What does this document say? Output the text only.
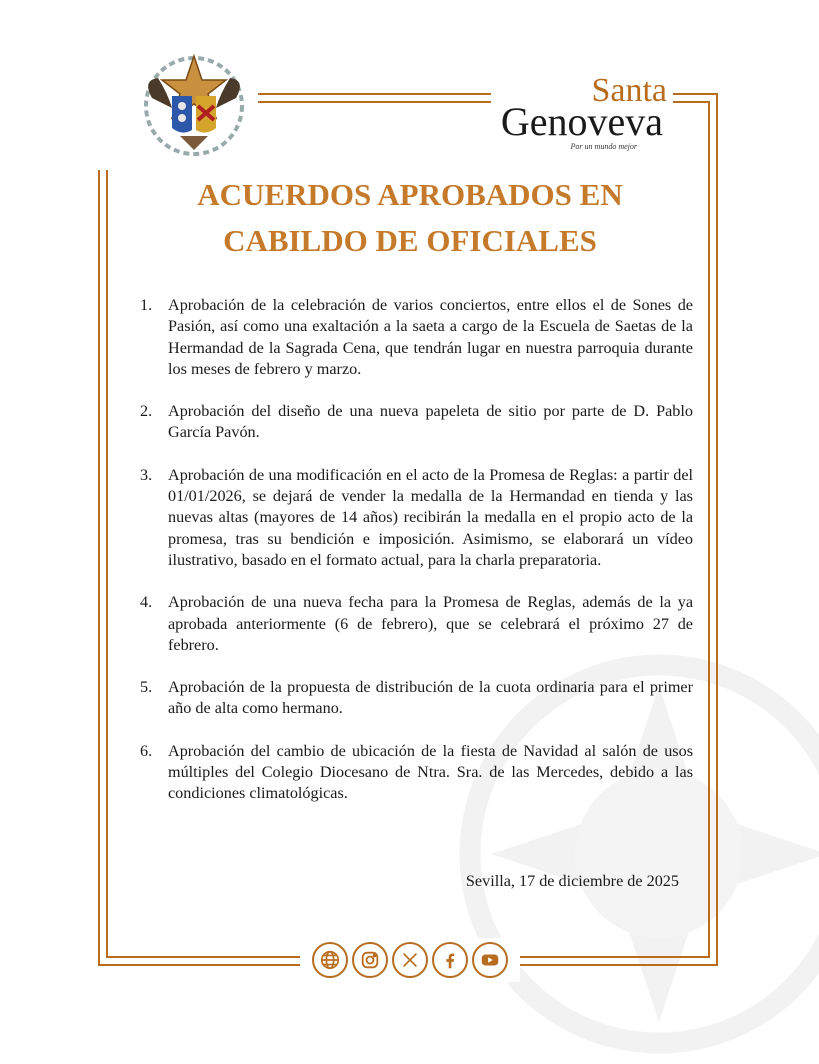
Santa
Genoveva
Por un mundo mejor
ACUERDOS APROBADOS EN
CABILDO DE OFICIALES
1. Aprobación de la celebración de varios conciertos, entre ellos el de Sones de Pasión, así como una exaltación a la saeta a cargo de la Escuela de Saetas de la Hermandad de la Sagrada Cena, que tendrán lugar en nuestra parroquia durante los meses de febrero y marzo.
2. Aprobación del diseño de una nueva papeleta de sitio por parte de D. Pablo García Pavón.
3. Aprobación de una modificación en el acto de la Promesa de Reglas: a partir del 01/01/2026, se dejará de vender la medalla de la Hermandad en tienda y las nuevas altas (mayores de 14 años) recibirán la medalla en el propio acto de la promesa, tras su bendición e imposición. Asimismo, se elaborará un vídeo ilustrativo, basado en el formato actual, para la charla preparatoria.
4. Aprobación de una nueva fecha para la Promesa de Reglas, además de la ya aprobada anteriormente (6 de febrero), que se celebrará el próximo 27 de febrero.
5. Aprobación de la propuesta de distribución de la cuota ordinaria para el primer año de alta como hermano.
6. Aprobación del cambio de ubicación de la fiesta de Navidad al salón de usos múltiples del Colegio Diocesano de Ntra. Sra. de las Mercedes, debido a las condiciones climatológicas.
Sevilla, 17 de diciembre de 2025
